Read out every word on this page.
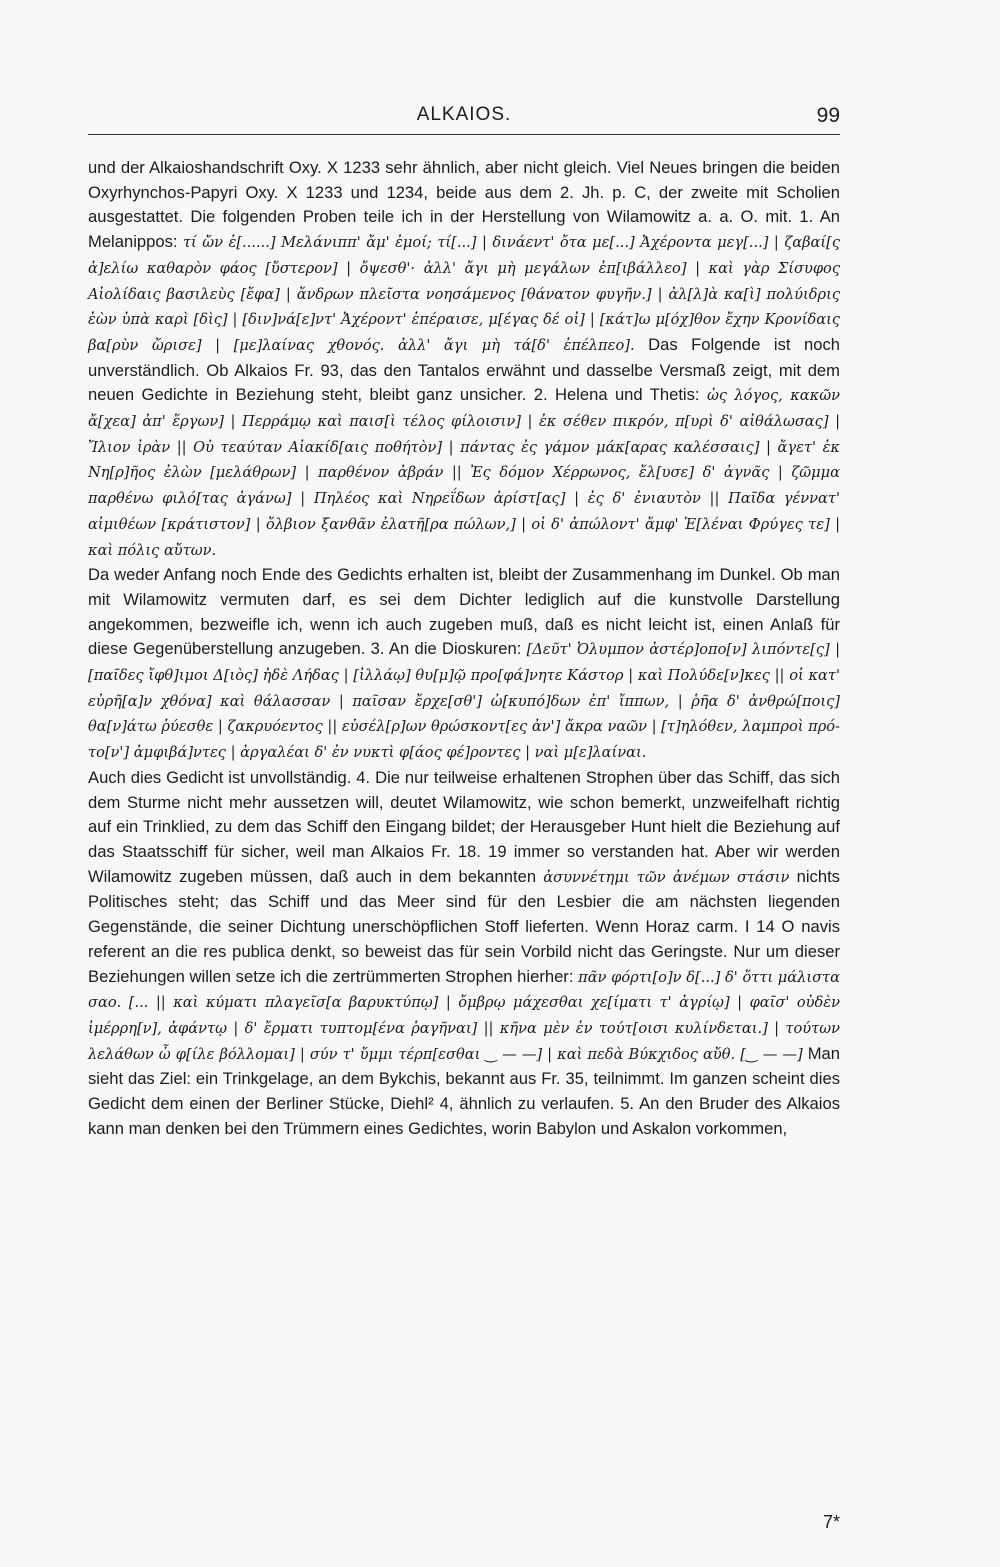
ALKAIOS.	99

und der Alkaioshandschrift Oxy. X 1233 sehr ähnlich, aber nicht gleich. Viel Neues bringen die beiden Oxyrhynchos-Papyri Oxy. X 1233 und 1234, beide aus dem 2. Jh. p. C, der zweite mit Scholien ausgestattet. Die folgenden Proben teile ich in der Herstellung von Wilamowitz a. a. O. mit. 1. An Melanippos: τί ὤν ἐ[......] Μελάνιππ' ἄμ' ἐμοί; τί[...] | δινάεντ' ὄτα με[...] Ἀχέροντα μεγ[...] | ζαβαί[ς ἀ]ελίω καθαρὸν φάος [ὔστερον] | ὄψεσθ'· ἀλλ' ἄγι μὴ μεγάλων ἐπ[ιβάλλεο] | καὶ γὰρ Σίσυφος Αἰολίδαις βασιλεὺς [ἔφα] | ἄνδρων πλεῖστα νοησάμενος [θάνατον φυγῆν.] | ἀλ[λ]ὰ κα[ὶ] πολύιδρις ἐὼν ὑπὰ καρὶ [δὶς] | [διν]νά[ε]ντ' Ἀχέροντ' ἐπέραισε, μ[έγας δέ οἰ] | [κάτ]ω μ[όχ]θον ἔχην Κρονίδαις βα[ρὺν ὤρισε] | [με]λαίνας χθονός. ἀλλ' ἄγι μὴ τά[δ' ἐπέλπεο]. Das Folgende ist noch unverständlich. Ob Alkaios Fr. 93, das den Tantalos erwähnt und dasselbe Versmaß zeigt, mit dem neuen Gedichte in Beziehung steht, bleibt ganz unsicher. 2. Helena und Thetis: ὡς λόγος, κακῶν ἄ[χεα] ἀπ' ἔργων] | Περράμῳ καὶ παισ[ὶ τέλος φίλοισιν] | ἐκ σέθεν πικρόν, π[υρὶ δ' αἰθάλωσας] | Ἴλιον ἰρὰν || Οὐ τεαύταν Αἰακίδ[αις ποθήτὸν] | πάντας ἐς γάμον μάκ[αρας καλέσσαις] | ἄγετ' ἐκ Νη[ρ]ῆος ἐλὼν [μελάθρων] | παρθένον ἀβράν || Ἐς δόμον Χέρρωνος, ἔλ[υσε] δ' ἀγνᾶς | ζῶμμα παρθένω φιλό[τας ἀγάνω] | Πηλέος καὶ Νηρεΐδων ἀρίστ[ας] | ἐς δ' ἐνιαυτὸν || Παῖδα γέννατ' αἰμιθέων [κράτιστον] | ὄλβιον ξανθᾶν ἐλατῆ[ρα πώλων,] | οἱ δ' ἀπώλοντ' ἄμφ' Ἑ[λέναι Φρύγες τε] | καὶ πόλις αὔτων.

Da weder Anfang noch Ende des Gedichts erhalten ist, bleibt der Zusammenhang im Dunkel. Ob man mit Wilamowitz vermuten darf, es sei dem Dichter lediglich auf die kunstvolle Darstellung angekommen, bezweifle ich, wenn ich auch zugeben muß, daß es nicht leicht ist, einen Anlaß für diese Gegenüberstellung anzugeben. 3. An die Dioskuren: [Δεῦτ' Ὀλυμπον ἀστέρ]οπο[ν] λιπόντε[ς] | [παῖδες ἴφθ]ιμοι Δ[ιὸς] ἠδὲ Λήδας | [ἰλλάῳ] θυ[μ]ῷ προ[φά]νητε Κάστορ | καὶ Πολύδε[ν]κες || οἱ κατ' εὐρῆ[α]ν χθόνα] καὶ θάλασσαν | παῖσαν ἔρχε[σθ'] ὠ[κυπό]δων ἐπ' ἴππων, | ῥῆα δ' ἀνθρώ[ποις] θα[ν]άτω ῥύεσθε | ζακρυόεντος || εὐσέλ[ρ]ων θρώσκοντ[ες ἀν'] ἄκρα ναῶν | [τ]ηλόθεν, λαμπροὶ πρό-το[ν'] ἀμφιβά]ντες | ἀργαλέαι δ' ἐν νυκτὶ φ[άος φέ]ροντες | ναὶ μ[ε]λαίναι.

Auch dies Gedicht ist unvollständig. 4. Die nur teilweise erhaltenen Strophen über das Schiff, das sich dem Sturme nicht mehr aussetzen will, deutet Wilamowitz, wie schon bemerkt, unzweifelhaft richtig auf ein Trinklied, zu dem das Schiff den Eingang bildet; der Herausgeber Hunt hielt die Beziehung auf das Staatsschiff für sicher, weil man Alkaios Fr. 18. 19 immer so verstanden hat. Aber wir werden Wilamowitz zugeben müssen, daß auch in dem bekannten ἀσυννέτημι τῶν ἀνέμων στάσιν nichts Politisches steht; das Schiff und das Meer sind für den Lesbier die am nächsten liegenden Gegenstände, die seiner Dichtung unerschöpflichen Stoff lieferten. Wenn Horaz carm. I 14 O navis referent an die res publica denkt, so beweist das für sein Vorbild nicht das Geringste. Nur um dieser Beziehungen willen setze ich die zertrümmerten Strophen hierher: πᾶν φόρτι[ο]ν δ[...] δ' ὄττι μάλιστα σαο. [... || καὶ κύματι πλαγεῖσ[α βαρυκτύπῳ] | ὄμβρῳ μάχεσθαι χε[ίματι τ' ἀγρίῳ] | φαῖσ' οὐδὲν ἰμέρρη[ν], ἀφάντῳ | δ' ἔρματι τυπτομ[ένα ῥαγῆναι] || κῆνα μὲν ἐν τούτ[οισι κυλίνδεται.] | τούτων λελάθων ὦ φ[ίλε βόλλομαι] | σύν τ' ὔμμι τέρπ[εσθαι ‿ — —] | καὶ πεδὰ Βύκχιδος αὔθ. [‿ — —] Man sieht das Ziel: ein Trinkgelage, an dem Bykchis, bekannt aus Fr. 35, teilnimmt. Im ganzen scheint dies Gedicht dem einen der Berliner Stücke, Diehl² 4, ähnlich zu verlaufen. 5. An den Bruder des Alkaios kann man denken bei den Trümmern eines Gedichtes, worin Babylon und Askalon vorkommen,

7*
